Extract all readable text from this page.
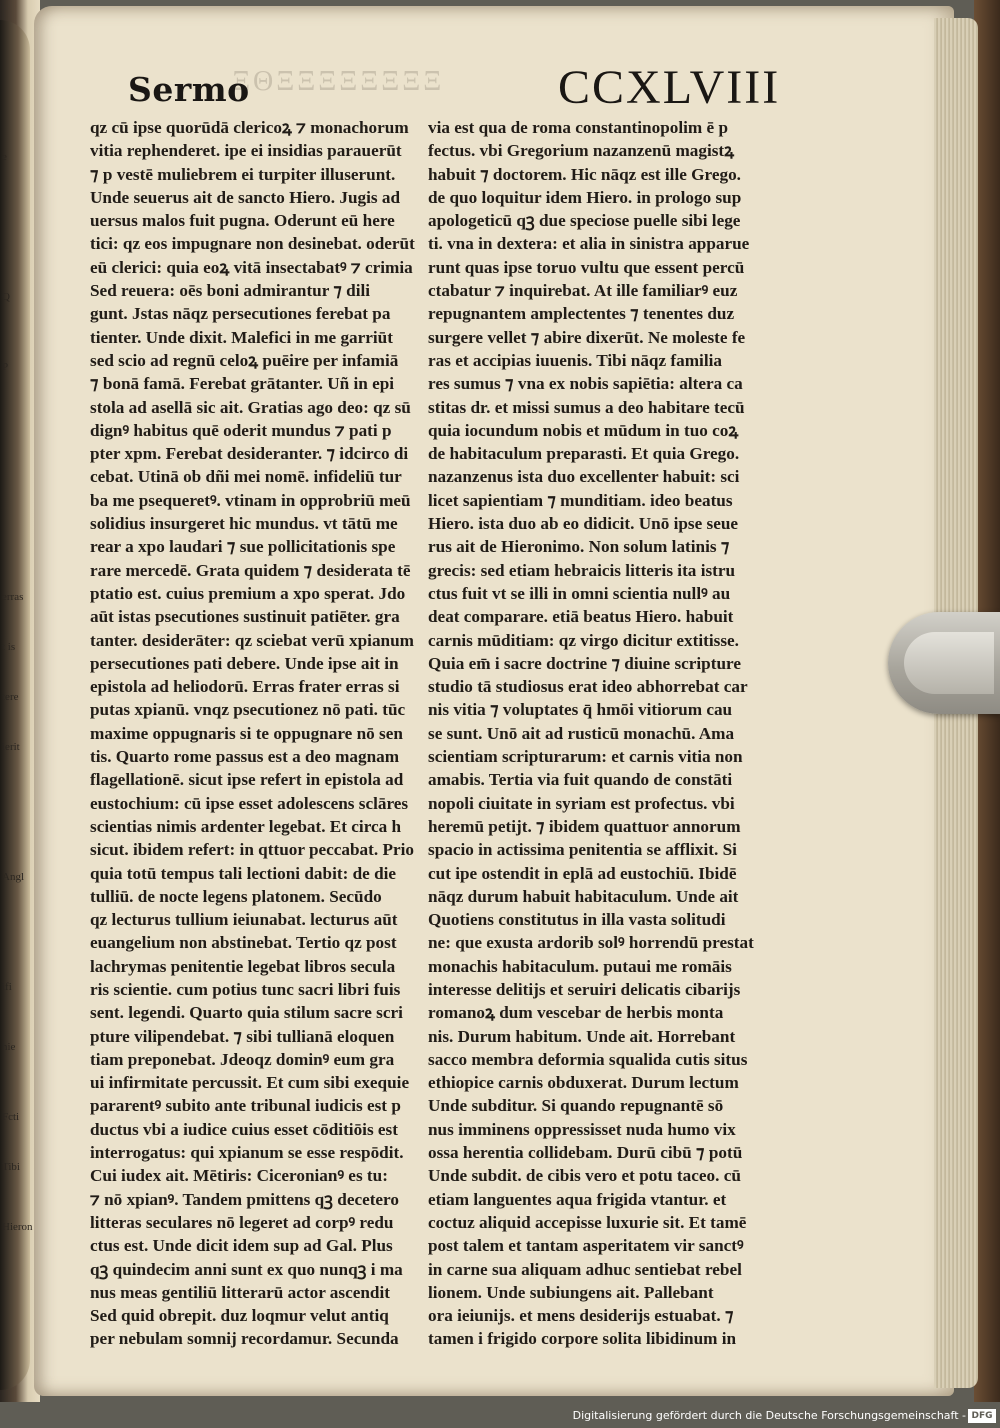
e
Q
P
erras
t is
tere
ierit
Angl
ifi
hie
Fcti
Tibi
Hieron
ΞΘΞΞΞΞΞΞΞΞ
Sermo	CCXLVIII
qz cū ipse quorūdā clericoꝝ ⁊ monachorum
vitia rephenderet. ipe ei insidias parauerūt
⁊ p vestē muliebrem ei turpiter illuserunt.
Unde seuerus ait de sancto Hiero. Jugis ad
uersus malos fuit pugna. Oderunt eū here
tici: qz eos impugnare non desinebat. oderūt
eū clerici: quia eoꝝ vitā insectabatꝰ ⁊ crimia
Sed reuera: oēs boni admirantur ⁊ dili
gunt. Jstas nāqz persecutiones ferebat pa
tienter. Unde dixit. Malefici in me garriūt
sed scio ad regnū celoꝝ puēire per infamiā
⁊ bonā famā. Ferebat grātanter. Uñ in epi
stola ad asellā sic ait. Gratias ago deo: qz sū
dignꝰ habitus quē oderit mundus ⁊ pati p
pter xpm. Ferebat desideranter. ⁊ idcirco di
cebat. Utinā ob dñi mei nomē. infideliū tur
ba me psequeretꝰ. vtinam in opprobriū meū
solidius insurgeret hic mundus. vt tātū me
rear a xpo laudari ⁊ sue pollicitationis spe
rare mercedē. Grata quidem ⁊ desiderata tē
ptatio est. cuius premium a xpo sperat. Jdo
aūt istas psecutiones sustinuit patiēter. gra
tanter. desiderāter: qz sciebat verū xpianum
persecutiones pati debere. Unde ipse ait in
epistola ad heliodorū. Erras frater erras si
putas xpianū. vnqz psecutionez nō pati. tūc
maxime oppugnaris si te oppugnare nō sen
tis. Quarto rome passus est a deo magnam
flagellationē. sicut ipse refert in epistola ad
eustochium: cū ipse esset adolescens sclāres
scientias nimis ardenter legebat. Et circa h
sicut. ibidem refert: in qttuor peccabat. Prio
quia totū tempus tali lectioni dabit: de die
tulliū. de nocte legens platonem. Secūdo
qz lecturus tullium ieiunabat. lecturus aūt
euangelium non abstinebat. Tertio qz post
lachrymas penitentie legebat libros secula
ris scientie. cum potius tunc sacri libri fuis
sent. legendi. Quarto quia stilum sacre scri
pture vilipendebat. ⁊ sibi tullianā eloquen
tiam preponebat. Jdeoqz dominꝰ eum gra
ui infirmitate percussit. Et cum sibi exequie
pararentꝰ subito ante tribunal iudicis est p
ductus vbi a iudice cuius esset cōditiōis est
interrogatus: qui xpianum se esse respōdit.
Cui iudex ait. Mētiris: Ciceronianꝰ es tu:
⁊ nō xpianꝰ. Tandem pmittens qꝫ decetero
litteras seculares nō legeret ad corpꝰ redu
ctus est. Unde dicit idem sup ad Gal. Plus
qꝫ quindecim anni sunt ex quo nunqꝫ i ma
nus meas gentiliū litterarū actor ascendit
Sed quid obrepit. duz loqmur velut antiq
per nebulam somnij recordamur. Secunda
via est qua de roma constantinopolim ē p
fectus. vbi Gregorium nazanzenū magistꝝ
habuit ⁊ doctorem. Hic nāqz est ille Grego.
de quo loquitur idem Hiero. in prologo sup
apologeticū qꝫ due speciose puelle sibi lege
ti. vna in dextera: et alia in sinistra apparue
runt quas ipse toruo vultu que essent percū
ctabatur ⁊ inquirebat. At ille familiarꝰ euz
repugnantem amplectentes ⁊ tenentes duz
surgere vellet ⁊ abire dixerūt. Ne moleste fe
ras et accipias iuuenis. Tibi nāqz familia
res sumus ⁊ vna ex nobis sapiētia: altera ca
stitas dr. et missi sumus a deo habitare tecū
quia iocundum nobis et mūdum in tuo coꝝ
de habitaculum preparasti. Et quia Grego.
nazanzenus ista duo excellenter habuit: sci
licet sapientiam ⁊ munditiam. ideo beatus
Hiero. ista duo ab eo didicit. Unō ipse seue
rus ait de Hieronimo. Non solum latinis ⁊
grecis: sed etiam hebraicis litteris ita istru
ctus fuit vt se illi in omni scientia nullꝰ au
deat comparare. etiā beatus Hiero. habuit
carnis mūditiam: qz virgo dicitur extitisse.
Quia em̄ i sacre doctrine ⁊ diuine scripture
studio tā studiosus erat ideo abhorrebat car
nis vitia ⁊ voluptates q̄ hmōi vitiorum cau
se sunt. Unō ait ad rusticū monachū. Ama
scientiam scripturarum: et carnis vitia non
amabis. Tertia via fuit quando de constāti
nopoli ciuitate in syriam est profectus. vbi
heremū petijt. ⁊ ibidem quattuor annorum
spacio in actissima penitentia se afflixit. Si
cut ipe ostendit in eplā ad eustochiū. Ibidē
nāqz durum habuit habitaculum. Unde ait
Quotiens constitutus in illa vasta solitudi
ne: que exusta ardorib solꝰ horrendū prestat
monachis habitaculum. putaui me romāis
interesse delitijs et seruiri delicatis cibarijs
romanoꝝ dum vescebar de herbis monta
nis. Durum habitum. Unde ait. Horrebant
sacco membra deformia squalida cutis situs
ethiopice carnis obduxerat. Durum lectum
Unde subditur. Si quando repugnantē sō
nus imminens oppressisset nuda humo vix
ossa herentia collidebam. Durū cibū ⁊ potū
Unde subdit. de cibis vero et potu taceo. cū
etiam languentes aqua frigida vtantur. et
coctuz aliquid accepisse luxurie sit. Et tamē
post talem et tantam asperitatem vir sanctꝰ
in carne sua aliquam adhuc sentiebat rebel
lionem. Unde subiungens ait. Pallebant
ora ieiunijs. et mens desiderijs estuabat. ⁊
tamen i frigido corpore solita libidinum in
Digitalisierung gefördert durch die Deutsche Forschungsgemeinschaft - DFG
